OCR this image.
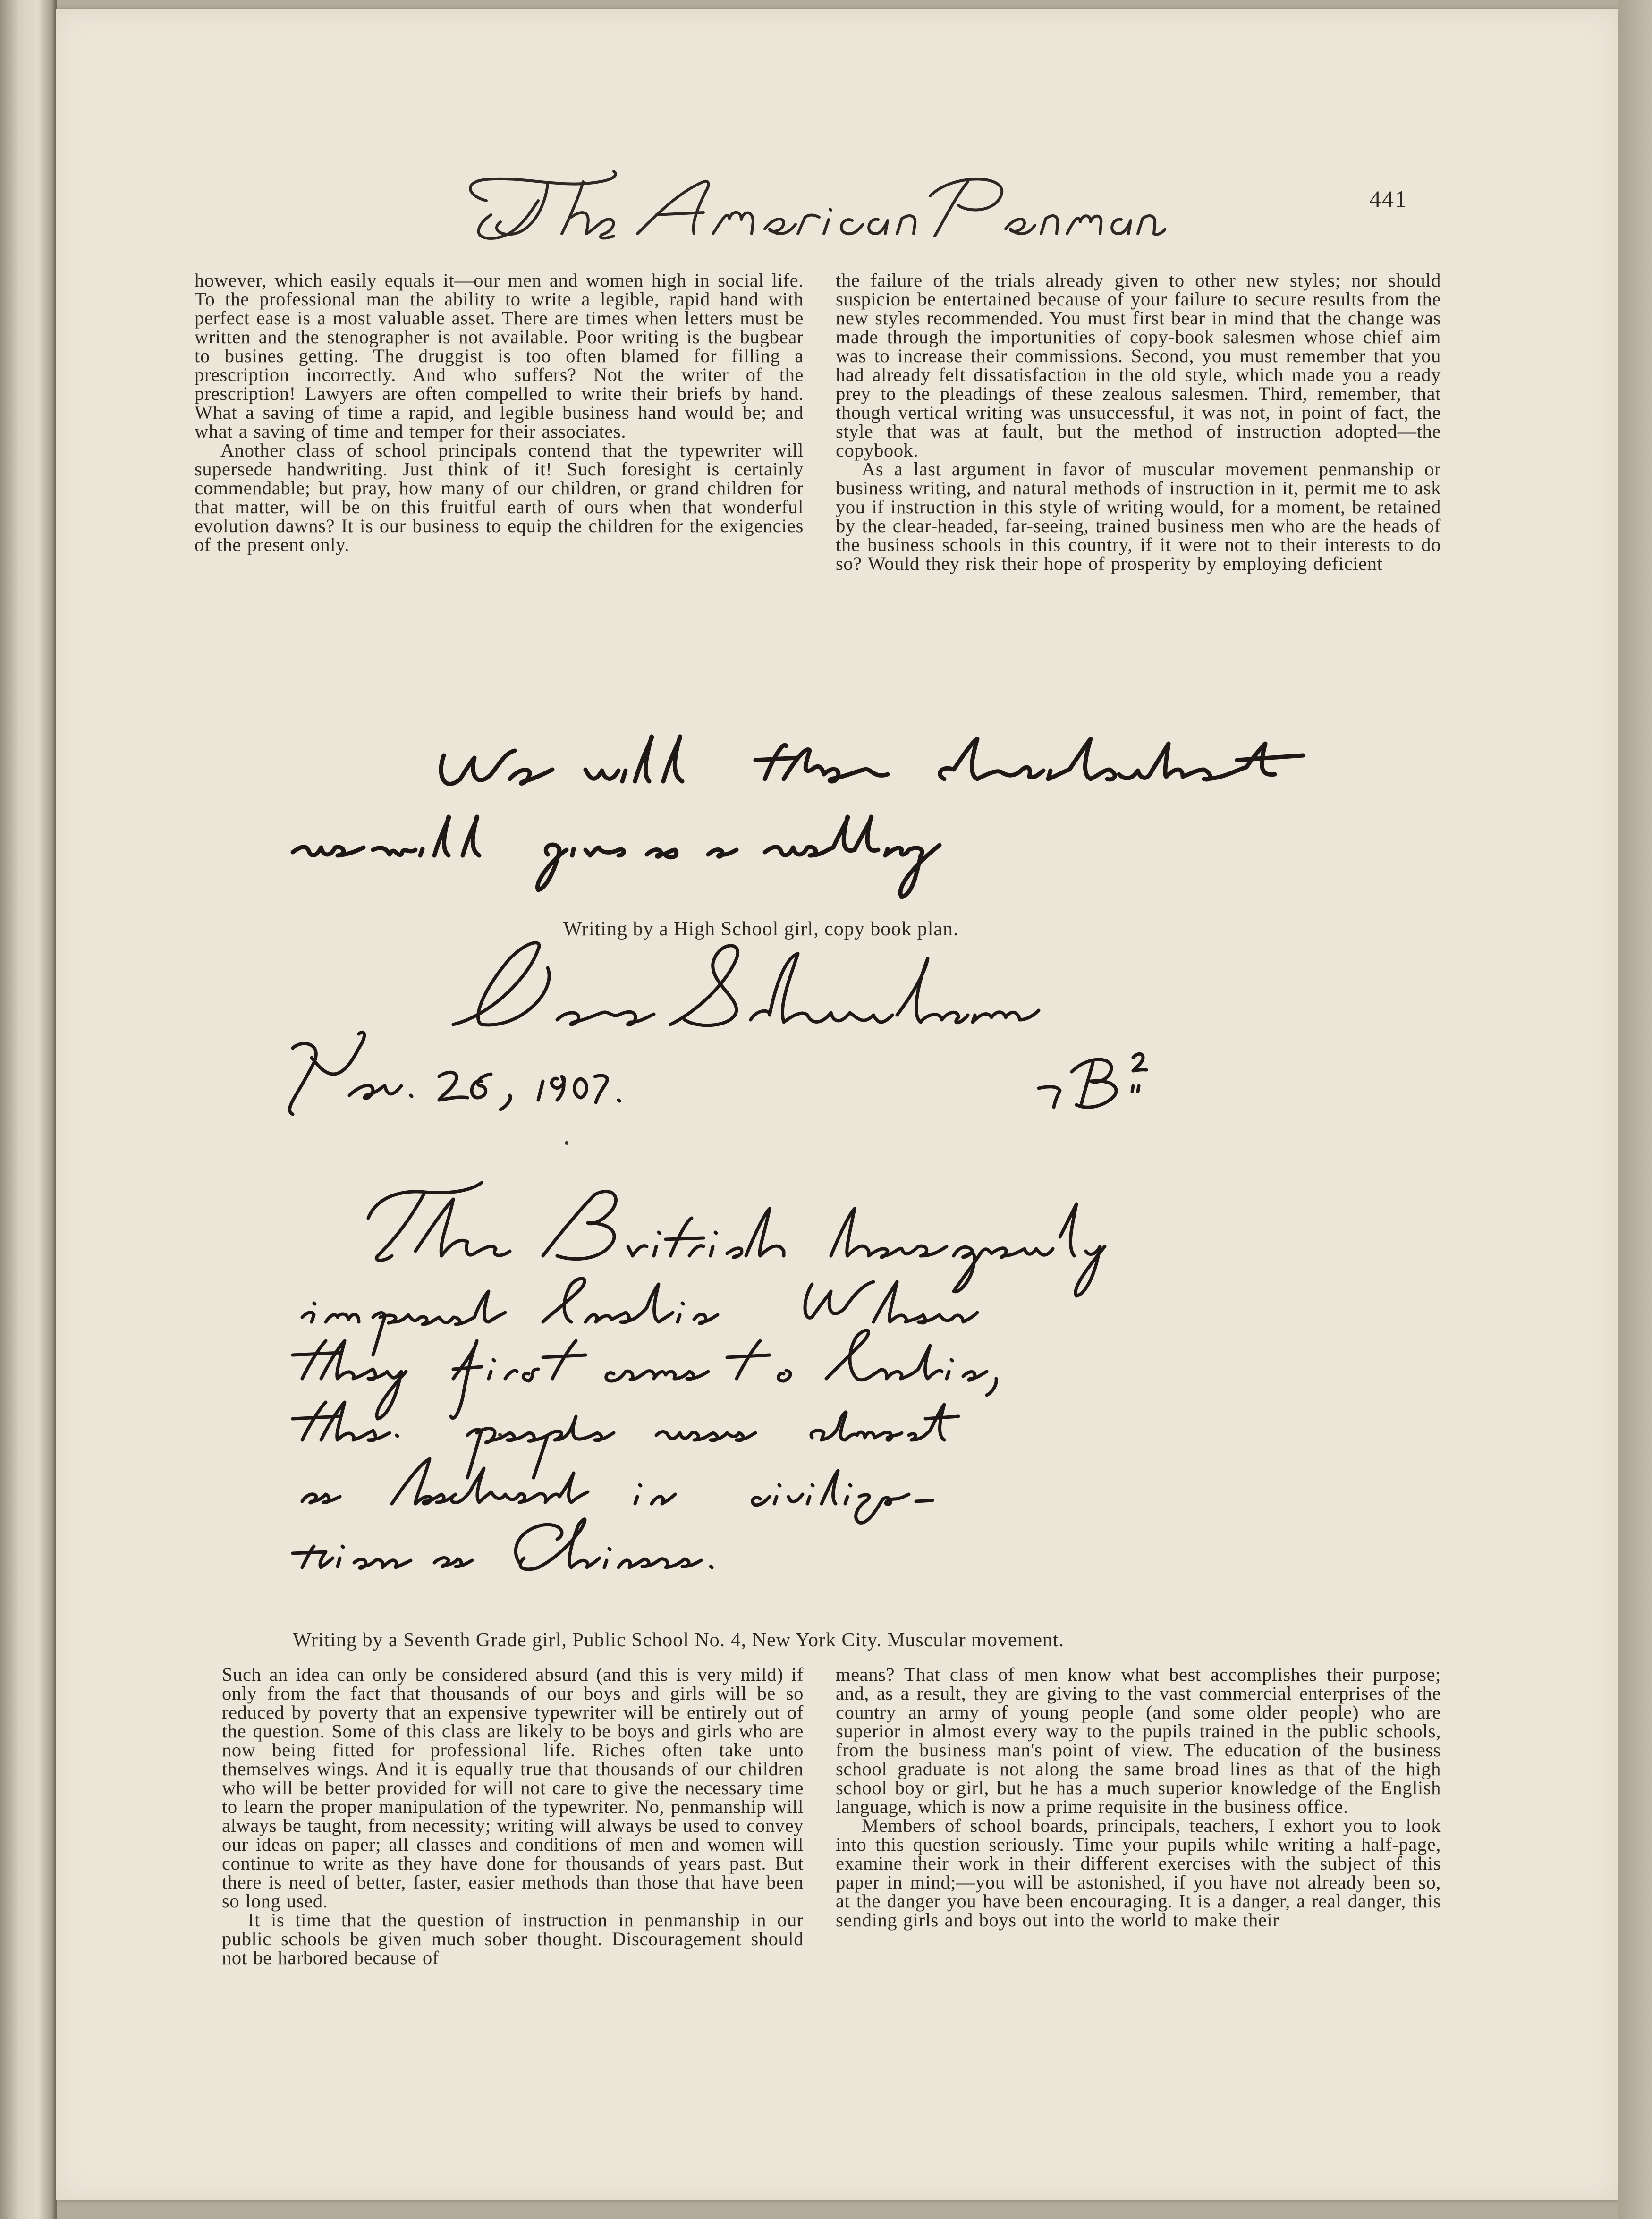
441

however, which easily equals it—our men and women high in social life. To the professional man the ability to write a legible, rapid hand with perfect ease is a most valuable asset. There are times when letters must be written and the stenographer is not available. Poor writing is the bugbear to busines getting. The druggist is too often blamed for filling a prescription incorrectly. And who suffers? Not the writer of the prescription! Lawyers are often compelled to write their briefs by hand. What a saving of time a rapid, and legible business hand would be; and what a saving of time and temper for their associates.

Another class of school principals contend that the typewriter will supersede handwriting. Just think of it! Such foresight is certainly commendable; but pray, how many of our children, or grand children for that matter, will be on this fruitful earth of ours when that wonderful evolution dawns? It is our business to equip the children for the exigencies of the present only.

the failure of the trials already given to other new styles; nor should suspicion be entertained because of your failure to secure results from the new styles recommended. You must first bear in mind that the change was made through the importunities of copy-book salesmen whose chief aim was to increase their commissions. Second, you must remember that you had already felt dissatisfaction in the old style, which made you a ready prey to the pleadings of these zealous salesmen. Third, remember, that though vertical writing was unsuccessful, it was not, in point of fact, the style that was at fault, but the method of instruction adopted—the copybook.

As a last argument in favor of muscular movement penmanship or business writing, and natural methods of instruction in it, permit me to ask you if instruction in this style of writing would, for a moment, be retained by the clear-headed, far-seeing, trained business men who are the heads of the business schools in this country, if it were not to their interests to do so? Would they risk their hope of prosperity by employing deficient

Writing by a High School girl, copy book plan.
Writing by a Seventh Grade girl, Public School No. 4, New York City. Muscular movement.

Such an idea can only be considered absurd (and this is very mild) if only from the fact that thousands of our boys and girls will be so reduced by poverty that an expensive typewriter will be entirely out of the question. Some of this class are likely to be boys and girls who are now being fitted for professional life. Riches often take unto themselves wings. And it is equally true that thousands of our children who will be better provided for will not care to give the necessary time to learn the proper manipulation of the typewriter. No, penmanship will always be taught, from necessity; writing will always be used to convey our ideas on paper; all classes and conditions of men and women will continue to write as they have done for thousands of years past. But there is need of better, faster, easier methods than those that have been so long used.

It is time that the question of instruction in penmanship in our public schools be given much sober thought. Discouragement should not be harbored because of

means? That class of men know what best accomplishes their purpose; and, as a result, they are giving to the vast commercial enterprises of the country an army of young people (and some older people) who are superior in almost every way to the pupils trained in the public schools, from the business man's point of view. The education of the business school graduate is not along the same broad lines as that of the high school boy or girl, but he has a much superior knowledge of the English language, which is now a prime requisite in the business office.

Members of school boards, principals, teachers, I exhort you to look into this question seriously. Time your pupils while writing a half-page, examine their work in their different exercises with the subject of this paper in mind;—you will be astonished, if you have not already been so, at the danger you have been encouraging. It is a danger, a real danger, this sending girls and boys out into the world to make their
